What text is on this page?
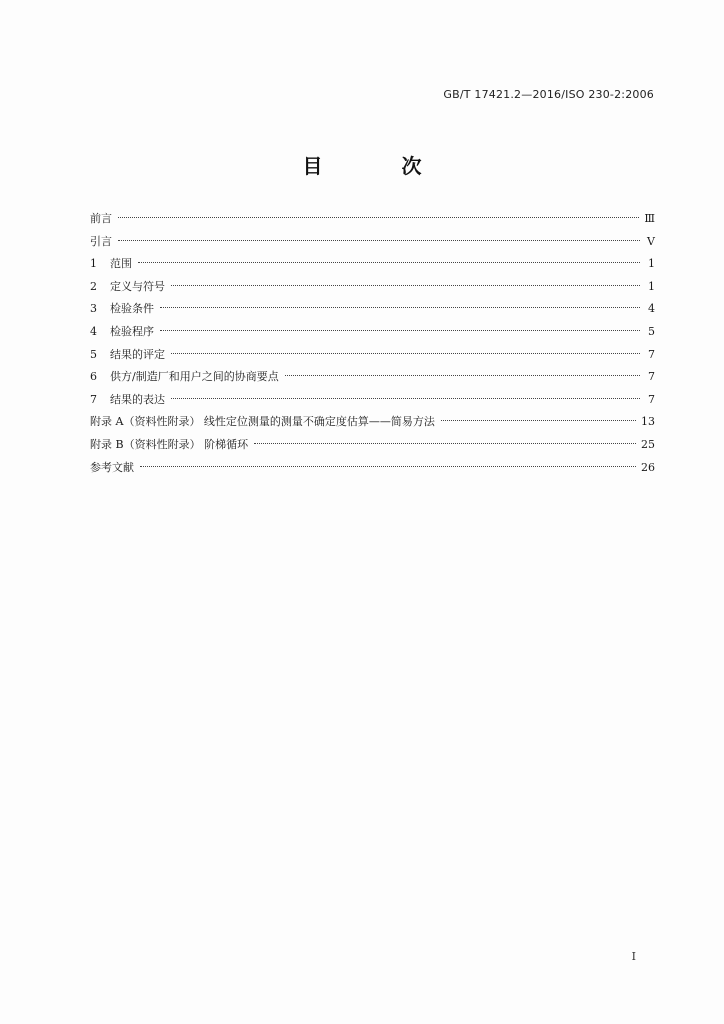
GB/T 17421.2—2016/ISO 230-2:2006
目 次
前言	Ⅲ
引言	Ⅴ
1	范围	1
2	定义与符号	1
3	检验条件	4
4	检验程序	5
5	结果的评定	7
6	供方/制造厂和用户之间的协商要点	7
7	结果的表达	7
附录 A（资料性附录） 线性定位测量的测量不确定度估算——简易方法	13
附录 B（资料性附录） 阶梯循环	25
参考文献	26
I
